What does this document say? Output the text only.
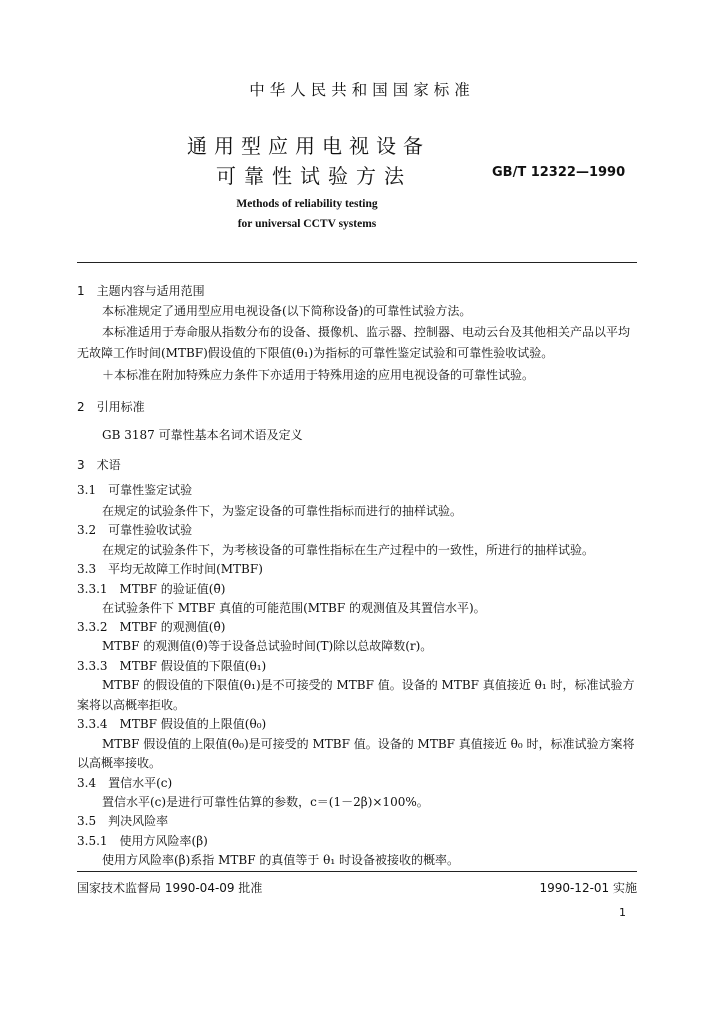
中华人民共和国国家标准
通用型应用电视设备
可靠性试验方法	GB/T 12322—1990
Methods of reliability testing
for universal CCTV systems
1　主题内容与适用范围
本标准规定了通用型应用电视设备(以下简称设备)的可靠性试验方法。
本标准适用于寿命服从指数分布的设备、摄像机、监示器、控制器、电动云台及其他相关产品以平均
无故障工作时间(MTBF)假设值的下限值(θ₁)为指标的可靠性鉴定试验和可靠性验收试验。
＋本标准在附加特殊应力条件下亦适用于特殊用途的应用电视设备的可靠性试验。
2　引用标准
GB 3187 可靠性基本名词术语及定义
3　术语
3.1　可靠性鉴定试验
在规定的试验条件下，为鉴定设备的可靠性指标而进行的抽样试验。
3.2　可靠性验收试验
在规定的试验条件下，为考核设备的可靠性指标在生产过程中的一致性，所进行的抽样试验。
3.3　平均无故障工作时间(MTBF)
3.3.1　MTBF 的验证值(θ̄)
在试验条件下 MTBF 真值的可能范围(MTBF 的观测值及其置信水平)。
3.3.2　MTBF 的观测值(θ̂)
MTBF 的观测值(θ̂)等于设备总试验时间(T)除以总故障数(r)。
3.3.3　MTBF 假设值的下限值(θ₁)
MTBF 的假设值的下限值(θ₁)是不可接受的 MTBF 值。设备的 MTBF 真值接近 θ₁ 时，标准试验方
案将以高概率拒收。
3.3.4　MTBF 假设值的上限值(θ₀)
MTBF 假设值的上限值(θ₀)是可接受的 MTBF 值。设备的 MTBF 真值接近 θ₀ 时，标准试验方案将
以高概率接收。
3.4　置信水平(c)
置信水平(c)是进行可靠性估算的参数，c＝(1－2β)×100%。
3.5　判决风险率
3.5.1　使用方风险率(β)
使用方风险率(β)系指 MTBF 的真值等于 θ₁ 时设备被接收的概率。
国家技术监督局 1990-04-09 批准	1990-12-01 实施
1
